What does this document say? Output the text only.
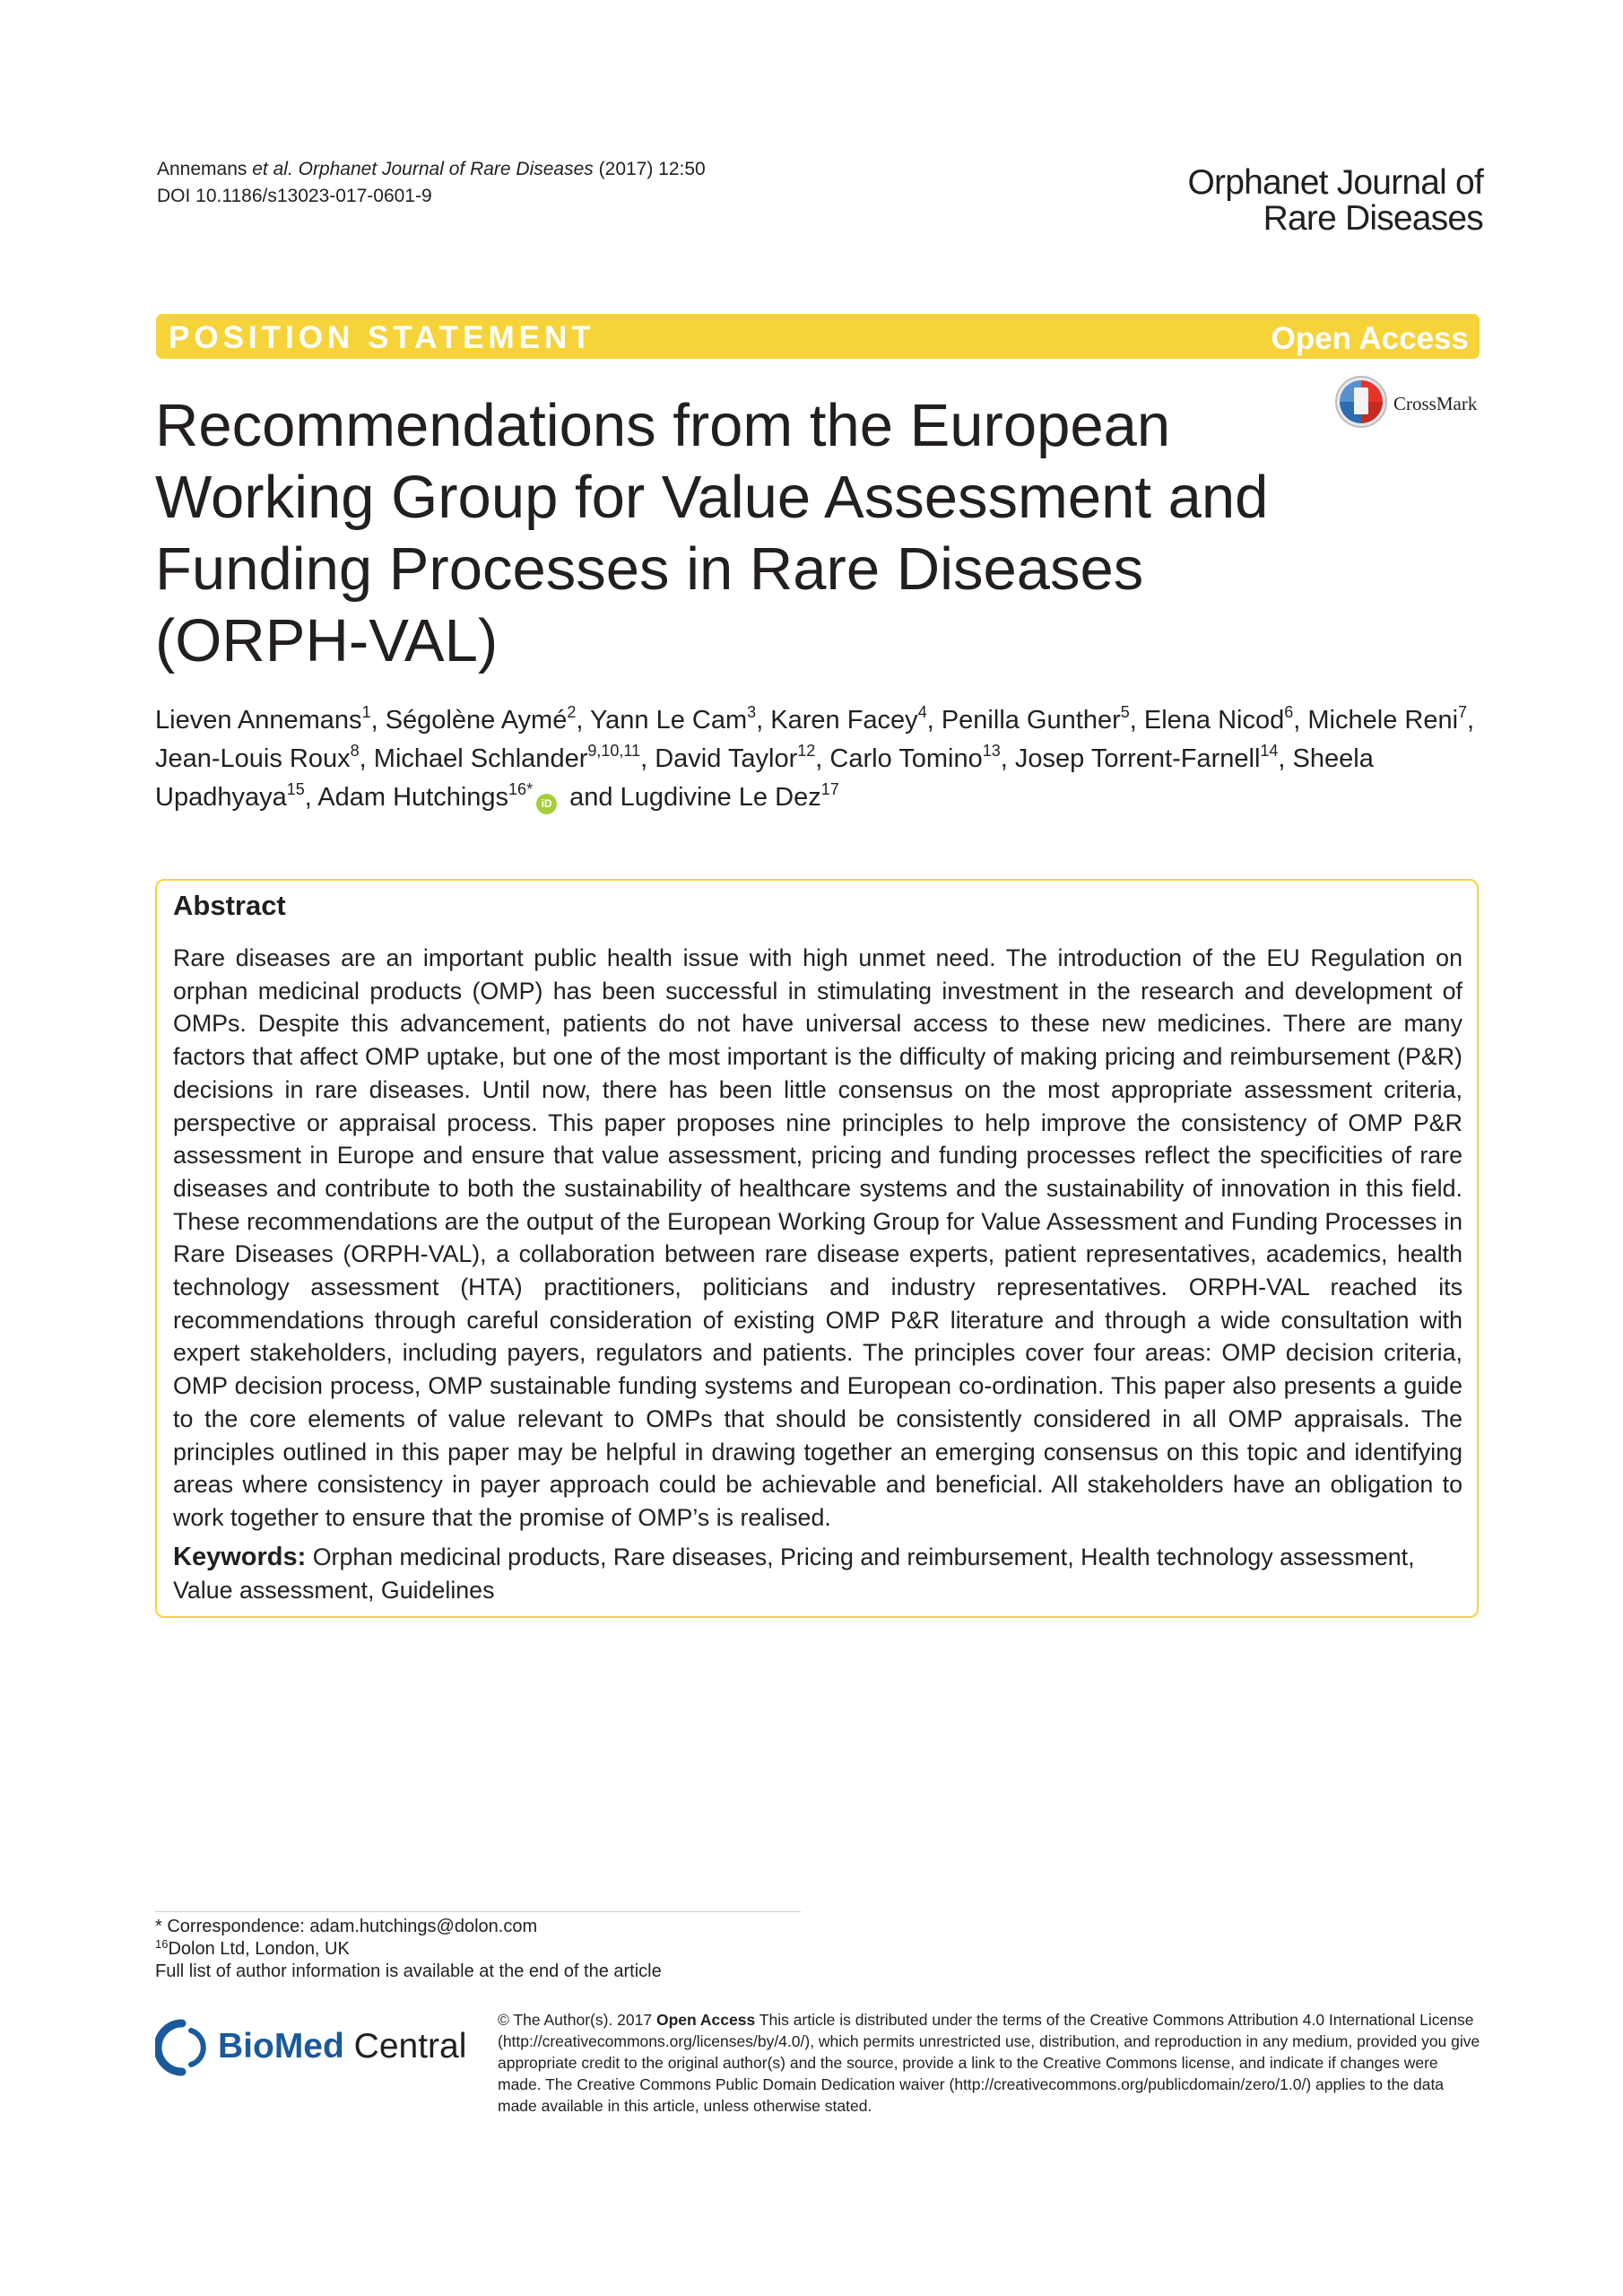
Annemans et al. Orphanet Journal of Rare Diseases (2017) 12:50
DOI 10.1186/s13023-017-0601-9	Orphanet Journal of
Rare Diseases
POSITION STATEMENT	Open Access
CrossMark
Recommendations from the European Working Group for Value Assessment and Funding Processes in Rare Diseases (ORPH-VAL)
Lieven Annemans$^1$, Ségolène Aymé$^2$, Yann Le Cam$^3$, Karen Facey$^4$, Penilla Gunther$^5$, Elena Nicod$^6$, Michele Reni$^7$, Jean-Louis Roux$^8$, Michael Schlander$^{9,10,11}$, David Taylor$^{12}$, Carlo Tomino$^{13}$, Josep Torrent-Farnell$^{14}$, Sheela Upadhyaya$^{15}$, Adam Hutchings$^{16*}$iD and Lugdivine Le Dez$^{17}$
Abstract
Rare diseases are an important public health issue with high unmet need. The introduction of the EU Regulation on orphan medicinal products (OMP) has been successful in stimulating investment in the research and development of OMPs. Despite this advancement, patients do not have universal access to these new medicines. There are many factors that affect OMP uptake, but one of the most important is the difficulty of making pricing and reimbursement (P&R) decisions in rare diseases. Until now, there has been little consensus on the most appropriate assessment criteria, perspective or appraisal process. This paper proposes nine principles to help improve the consistency of OMP P&R assessment in Europe and ensure that value assessment, pricing and funding processes reflect the specificities of rare diseases and contribute to both the sustainability of healthcare systems and the sustainability of innovation in this field. These recommendations are the output of the European Working Group for Value Assessment and Funding Processes in Rare Diseases (ORPH-VAL), a collaboration between rare disease experts, patient representatives, academics, health technology assessment (HTA) practitioners, politicians and industry representatives. ORPH-VAL reached its recommendations through careful consideration of existing OMP P&R literature and through a wide consultation with expert stakeholders, including payers, regulators and patients. The principles cover four areas: OMP decision criteria, OMP decision process, OMP sustainable funding systems and European co-ordination. This paper also presents a guide to the core elements of value relevant to OMPs that should be consistently considered in all OMP appraisals. The principles outlined in this paper may be helpful in drawing together an emerging consensus on this topic and identifying areas where consistency in payer approach could be achievable and beneficial. All stakeholders have an obligation to work together to ensure that the promise of OMP’s is realised.
Keywords: Orphan medicinal products, Rare diseases, Pricing and reimbursement, Health technology assessment, Value assessment, Guidelines
* Correspondence: adam.hutchings@dolon.com
$^{16}$Dolon Ltd, London, UK
Full list of author information is available at the end of the article
BioMed Central
© The Author(s). 2017 Open Access This article is distributed under the terms of the Creative Commons Attribution 4.0 International License (http://creativecommons.org/licenses/by/4.0/), which permits unrestricted use, distribution, and reproduction in any medium, provided you give appropriate credit to the original author(s) and the source, provide a link to the Creative Commons license, and indicate if changes were made. The Creative Commons Public Domain Dedication waiver (http://creativecommons.org/publicdomain/zero/1.0/) applies to the data made available in this article, unless otherwise stated.
